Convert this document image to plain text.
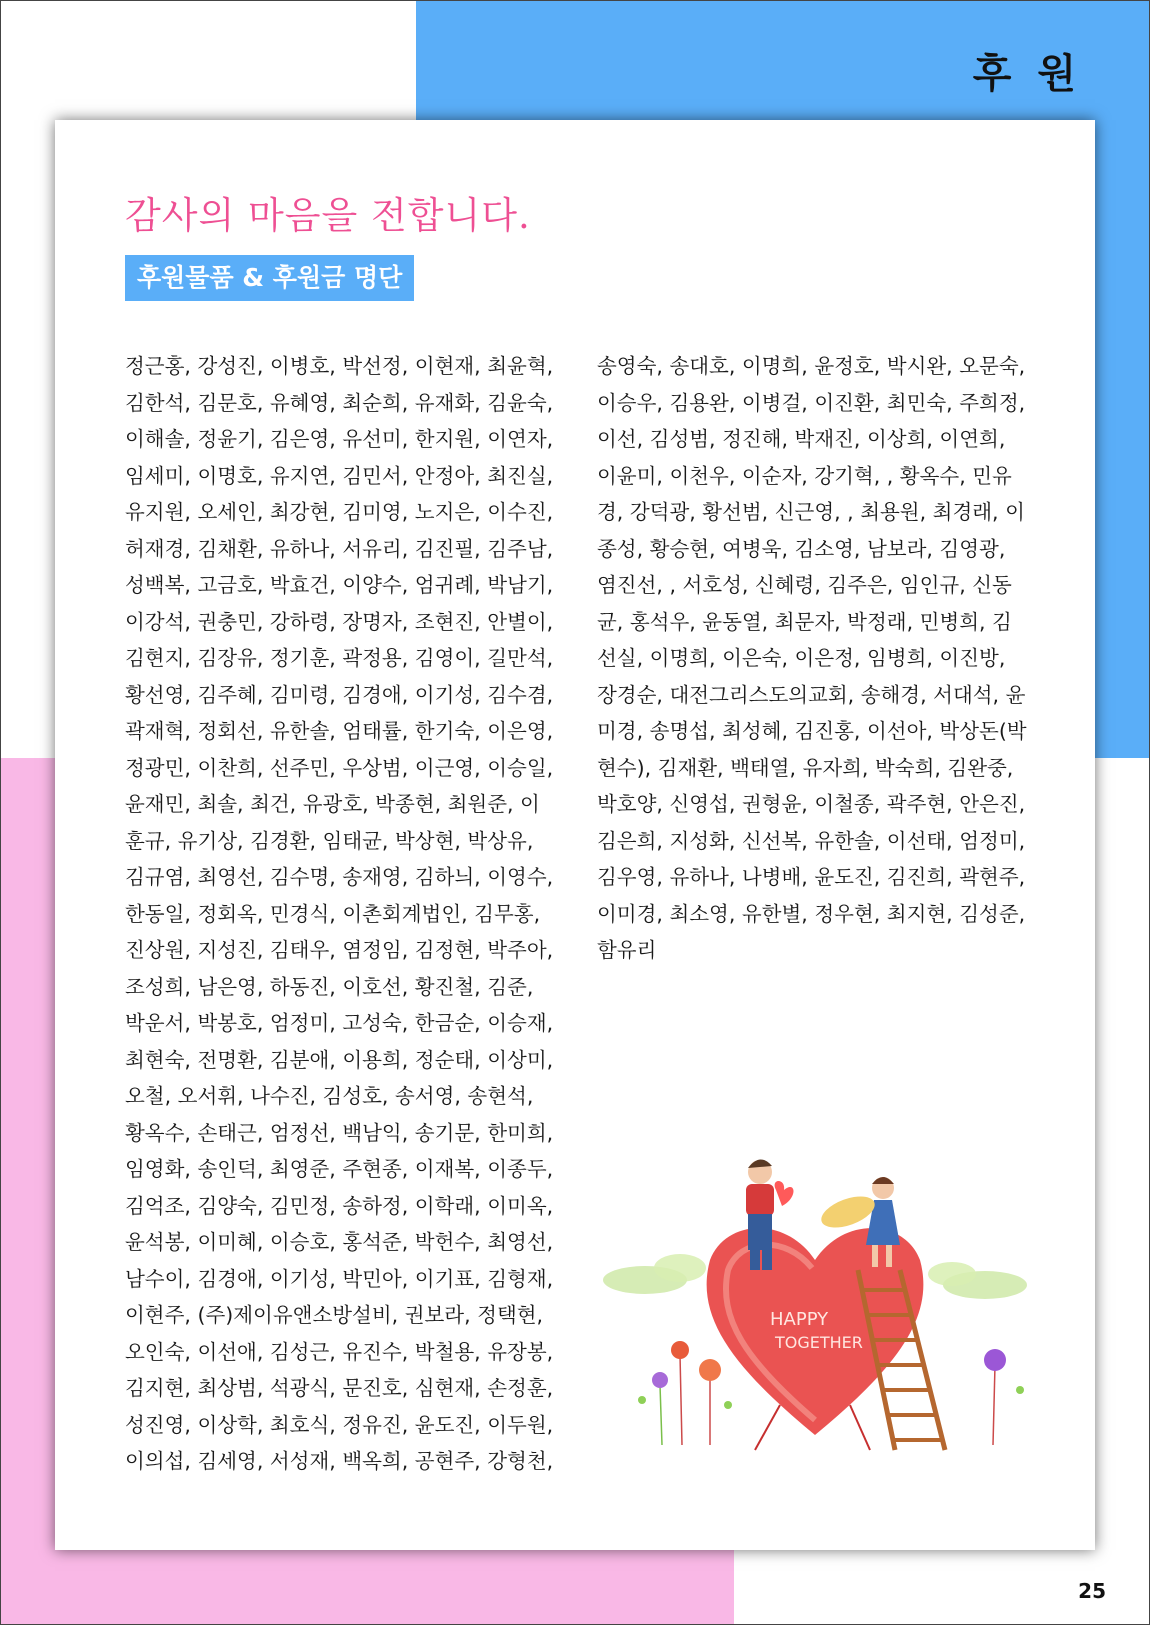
후 원
감사의 마음을 전합니다.
후원물품 & 후원금 명단
정근홍, 강성진, 이병호, 박선정, 이현재, 최윤혁, 김한석, 김문호, 유혜영, 최순희, 유재화, 김윤숙, 이해솔, 정윤기, 김은영, 유선미, 한지원, 이연자, 임세미, 이명호, 유지연, 김민서, 안정아, 최진실, 유지원, 오세인, 최강현, 김미영, 노지은, 이수진, 허재경, 김채환, 유하나, 서유리, 김진필, 김주남, 성백복, 고금호, 박효건, 이양수, 엄귀례, 박남기, 이강석, 권충민, 강하령, 장명자, 조현진, 안별이, 김현지, 김장유, 정기훈, 곽정용, 김영이, 길만석, 황선영, 김주혜, 김미령, 김경애, 이기성, 김수겸, 곽재혁, 정회선, 유한솔, 엄태률, 한기숙, 이은영, 정광민, 이찬희, 선주민, 우상범, 이근영, 이승일, 윤재민, 최솔, 최건, 유광호, 박종현, 최원준, 이훈규, 유기상, 김경환, 임태균, 박상현, 박상유, 김규염, 최영선, 김수명, 송재영, 김하늬, 이영수, 한동일, 정회옥, 민경식, 이촌회계법인, 김무홍, 진상원, 지성진, 김태우, 염정임, 김정현, 박주아, 조성희, 남은영, 하동진, 이호선, 황진철, 김준, 박운서, 박봉호, 엄정미, 고성숙, 한금순, 이승재, 최현숙, 전명환, 김분애, 이용희, 정순태, 이상미, 오철, 오서휘, 나수진, 김성호, 송서영, 송현석, 황옥수, 손태근, 엄정선, 백남익, 송기문, 한미희, 임영화, 송인덕, 최영준, 주현종, 이재복, 이종두, 김억조, 김양숙, 김민정, 송하정, 이학래, 이미옥, 윤석봉, 이미혜, 이승호, 홍석준, 박헌수, 최영선, 남수이, 김경애, 이기성, 박민아, 이기표, 김형재, 이현주, (주)제이유앤소방설비, 권보라, 정택현, 오인숙, 이선애, 김성근, 유진수, 박철용, 유장봉, 김지현, 최상범, 석광식, 문진호, 심현재, 손정훈, 성진영, 이상학, 최호식, 정유진, 윤도진, 이두원, 이의섭, 김세영, 서성재, 백옥희, 공현주, 강형천,
송영숙, 송대호, 이명희, 윤정호, 박시완, 오문숙, 이승우, 김용완, 이병걸, 이진환, 최민숙, 주희정, 이선, 김성범, 정진해, 박재진, 이상희, 이연희, 이윤미, 이천우, 이순자, 강기혁, , 황옥수, 민유경, 강덕광, 황선범, 신근영, , 최용원, 최경래, 이종성, 황승현, 여병욱, 김소영, 남보라, 김영광, 염진선, , 서호성, 신혜령, 김주은, 임인규, 신동균, 홍석우, 윤동열, 최문자, 박정래, 민병희, 김선실, 이명희, 이은숙, 이은정, 임병희, 이진방, 장경순, 대전그리스도의교회, 송해경, 서대석, 윤미경, 송명섭, 최성혜, 김진홍, 이선아, 박상돈(박현수), 김재환, 백태열, 유자희, 박숙희, 김완중, 박호양, 신영섭, 권형윤, 이철종, 곽주현, 안은진, 김은희, 지성화, 신선복, 유한솔, 이선태, 엄정미, 김우영, 유하나, 나병배, 윤도진, 김진희, 곽현주, 이미경, 최소영, 유한별, 정우현, 최지현, 김성준, 함유리
HAPPY
TOGETHER
25
